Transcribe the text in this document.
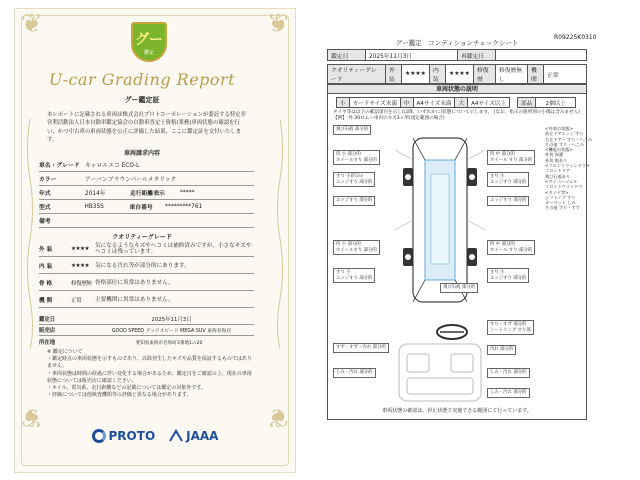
❦	❦
❦	❦
グー
鑑定
U-car Grading Report
グー鑑定証
本レポートに記載される車両は株式会社プロトコーポレーションが委託する特定非営利活動法人日本自動車鑑定協会の自動車査定士資格(業務)車両状態の確認を行い、かつ中古車の車両状態を公正に評価した結果、ここに鑑定証を交付いたします。
車両請求内容
車名・グレード キャロルエコ ECO-L
カラー	アーバンブラウンパールメタリック
年式	2014年	走行距離表示	*****
型式	HB35S	車台番号	*********761
備考
クオリティーグレード
外 装	★★★★
気になるようなキズやヘコミは補修済みですが、小さなキズやヘコミは残っています。
内 装	★★★★	気になる汚れ等が部分的にあります。
骨 格	修復歴無 骨格部位に異常はありません。
機 関	正常	主要機関に異常はありません。
鑑定日	2025年11月3日
販売店	GOOD SPEED グッドスピード MEGA SUV 東海名和店
所在地	愛知県東海市名和町3番地1の20
※ 鑑定について
・鑑定時点の車両状態を示すものであり、以降発生したキズや品質を保証するものではありません。
・車両状態は時間の経過に伴い変化する場合があるため、鑑定日をご確認の上、現在の車両状態については販売店に確認ください。
・オイル、電気系、走行距離などの記載については鑑定の対象外です。
・評価については他検査機関等の評価と異なる場合があります。
PROTO	JAAA
R09225K0310
グー鑑定　コンディションチェックシート
鑑定日	2025年11月3日	再鑑定日	
クオリティーグレード	外装	★★★★	内装	★★★★	修復歴	修復歴無し	機関	正常
車両状態の説明
小	カードサイズ未満	中	A4サイズ未満	大	A4サイズ以上		部品	2個以上
タイヤ等は以下の確認項目を示し(以降、いずれかに)状態について示します。 (なお、指示の箇所別の小傷は含みません) 【例】 外 30ロム～車内のキズ3ヶ所(規定範囲の場合)
飛び石痕 部分的
凹 小 部分的
ホイールすり 部分的
すり 小(凹み)
エッジすり 部分的
エッジすり 部分的
凹 小 部分的
ホイールすり 部分的
すり 小
エッジすり 部分的
凹 中 部分的
ホイール すり 部分的
すり 小
エッジすり 部分的
エッジすり 部分的
凹 中 部分的
ホイール すり 部分的
すり 小
エッジすり 部分的
飛び石痕 部分的
すり・すず 部分的
シートリング すり部
すず・すず・汚れ 部分的	汚れ 部分的
しみ・汚れ 部分的	しみ・汚れ 部分的
しみ・汚れ 部分的
<外装の状態>
前左ドアエッジ すり
右左ドアー すり・へこみ
その他 すり・へこみ
<機能の状態>
外装 保護
外装 傷あり
<フロントウインドウ>
フロントドア
飛び石痕あり
<ワイパーゴム>
フロントウインドウ
<タイヤ等>
シフトノブ すり
カーペット しみ
その他 すり・すず
車両状態の確認は、停止状態で実施できる範囲にて行っています。
